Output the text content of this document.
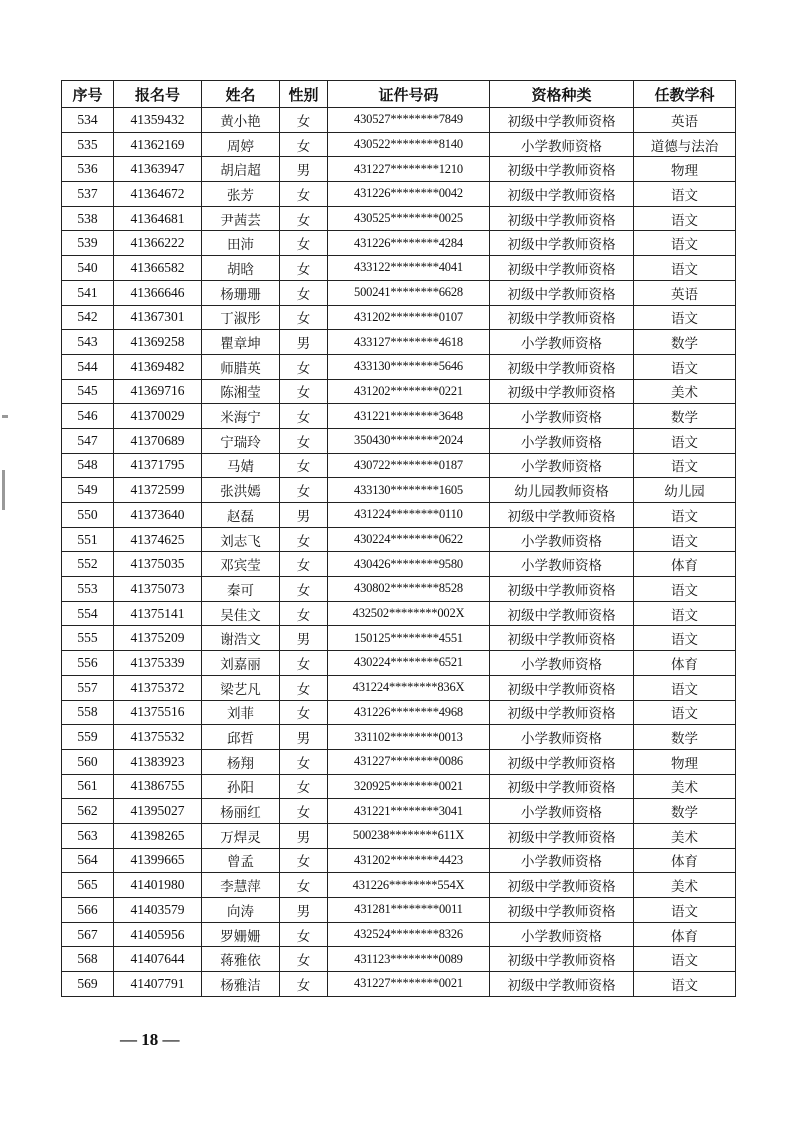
序号	报名号	姓名	性别	证件号码	资格种类	任教学科
534	41359432	黄小艳	女	430527********7849	初级中学教师资格	英语
535	41362169	周婷	女	430522********8140	小学教师资格	道德与法治
536	41363947	胡启超	男	431227********1210	初级中学教师资格	物理
537	41364672	张芳	女	431226********0042	初级中学教师资格	语文
538	41364681	尹茜芸	女	430525********0025	初级中学教师资格	语文
539	41366222	田沛	女	431226********4284	初级中学教师资格	语文
540	41366582	胡晗	女	433122********4041	初级中学教师资格	语文
541	41366646	杨珊珊	女	500241********6628	初级中学教师资格	英语
542	41367301	丁淑彤	女	431202********0107	初级中学教师资格	语文
543	41369258	瞿章坤	男	433127********4618	小学教师资格	数学
544	41369482	师腊英	女	433130********5646	初级中学教师资格	语文
545	41369716	陈湘莹	女	431202********0221	初级中学教师资格	美术
546	41370029	米海宁	女	431221********3648	小学教师资格	数学
547	41370689	宁瑞玲	女	350430********2024	小学教师资格	语文
548	41371795	马婧	女	430722********0187	小学教师资格	语文
549	41372599	张洪嫣	女	433130********1605	幼儿园教师资格	幼儿园
550	41373640	赵磊	男	431224********0110	初级中学教师资格	语文
551	41374625	刘志飞	女	430224********0622	小学教师资格	语文
552	41375035	邓宾莹	女	430426********9580	小学教师资格	体育
553	41375073	秦可	女	430802********8528	初级中学教师资格	语文
554	41375141	吴佳文	女	432502********002X	初级中学教师资格	语文
555	41375209	谢浩文	男	150125********4551	初级中学教师资格	语文
556	41375339	刘嘉丽	女	430224********6521	小学教师资格	体育
557	41375372	梁艺凡	女	431224********836X	初级中学教师资格	语文
558	41375516	刘菲	女	431226********4968	初级中学教师资格	语文
559	41375532	邱哲	男	331102********0013	小学教师资格	数学
560	41383923	杨翔	女	431227********0086	初级中学教师资格	物理
561	41386755	孙阳	女	320925********0021	初级中学教师资格	美术
562	41395027	杨丽红	女	431221********3041	小学教师资格	数学
563	41398265	万焊灵	男	500238********611X	初级中学教师资格	美术
564	41399665	曾孟	女	431202********4423	小学教师资格	体育
565	41401980	李慧萍	女	431226********554X	初级中学教师资格	美术
566	41403579	向涛	男	431281********0011	初级中学教师资格	语文
567	41405956	罗姗姗	女	432524********8326	小学教师资格	体育
568	41407644	蒋雅依	女	431123********0089	初级中学教师资格	语文
569	41407791	杨雅洁	女	431227********0021	初级中学教师资格	语文
— 18 —
